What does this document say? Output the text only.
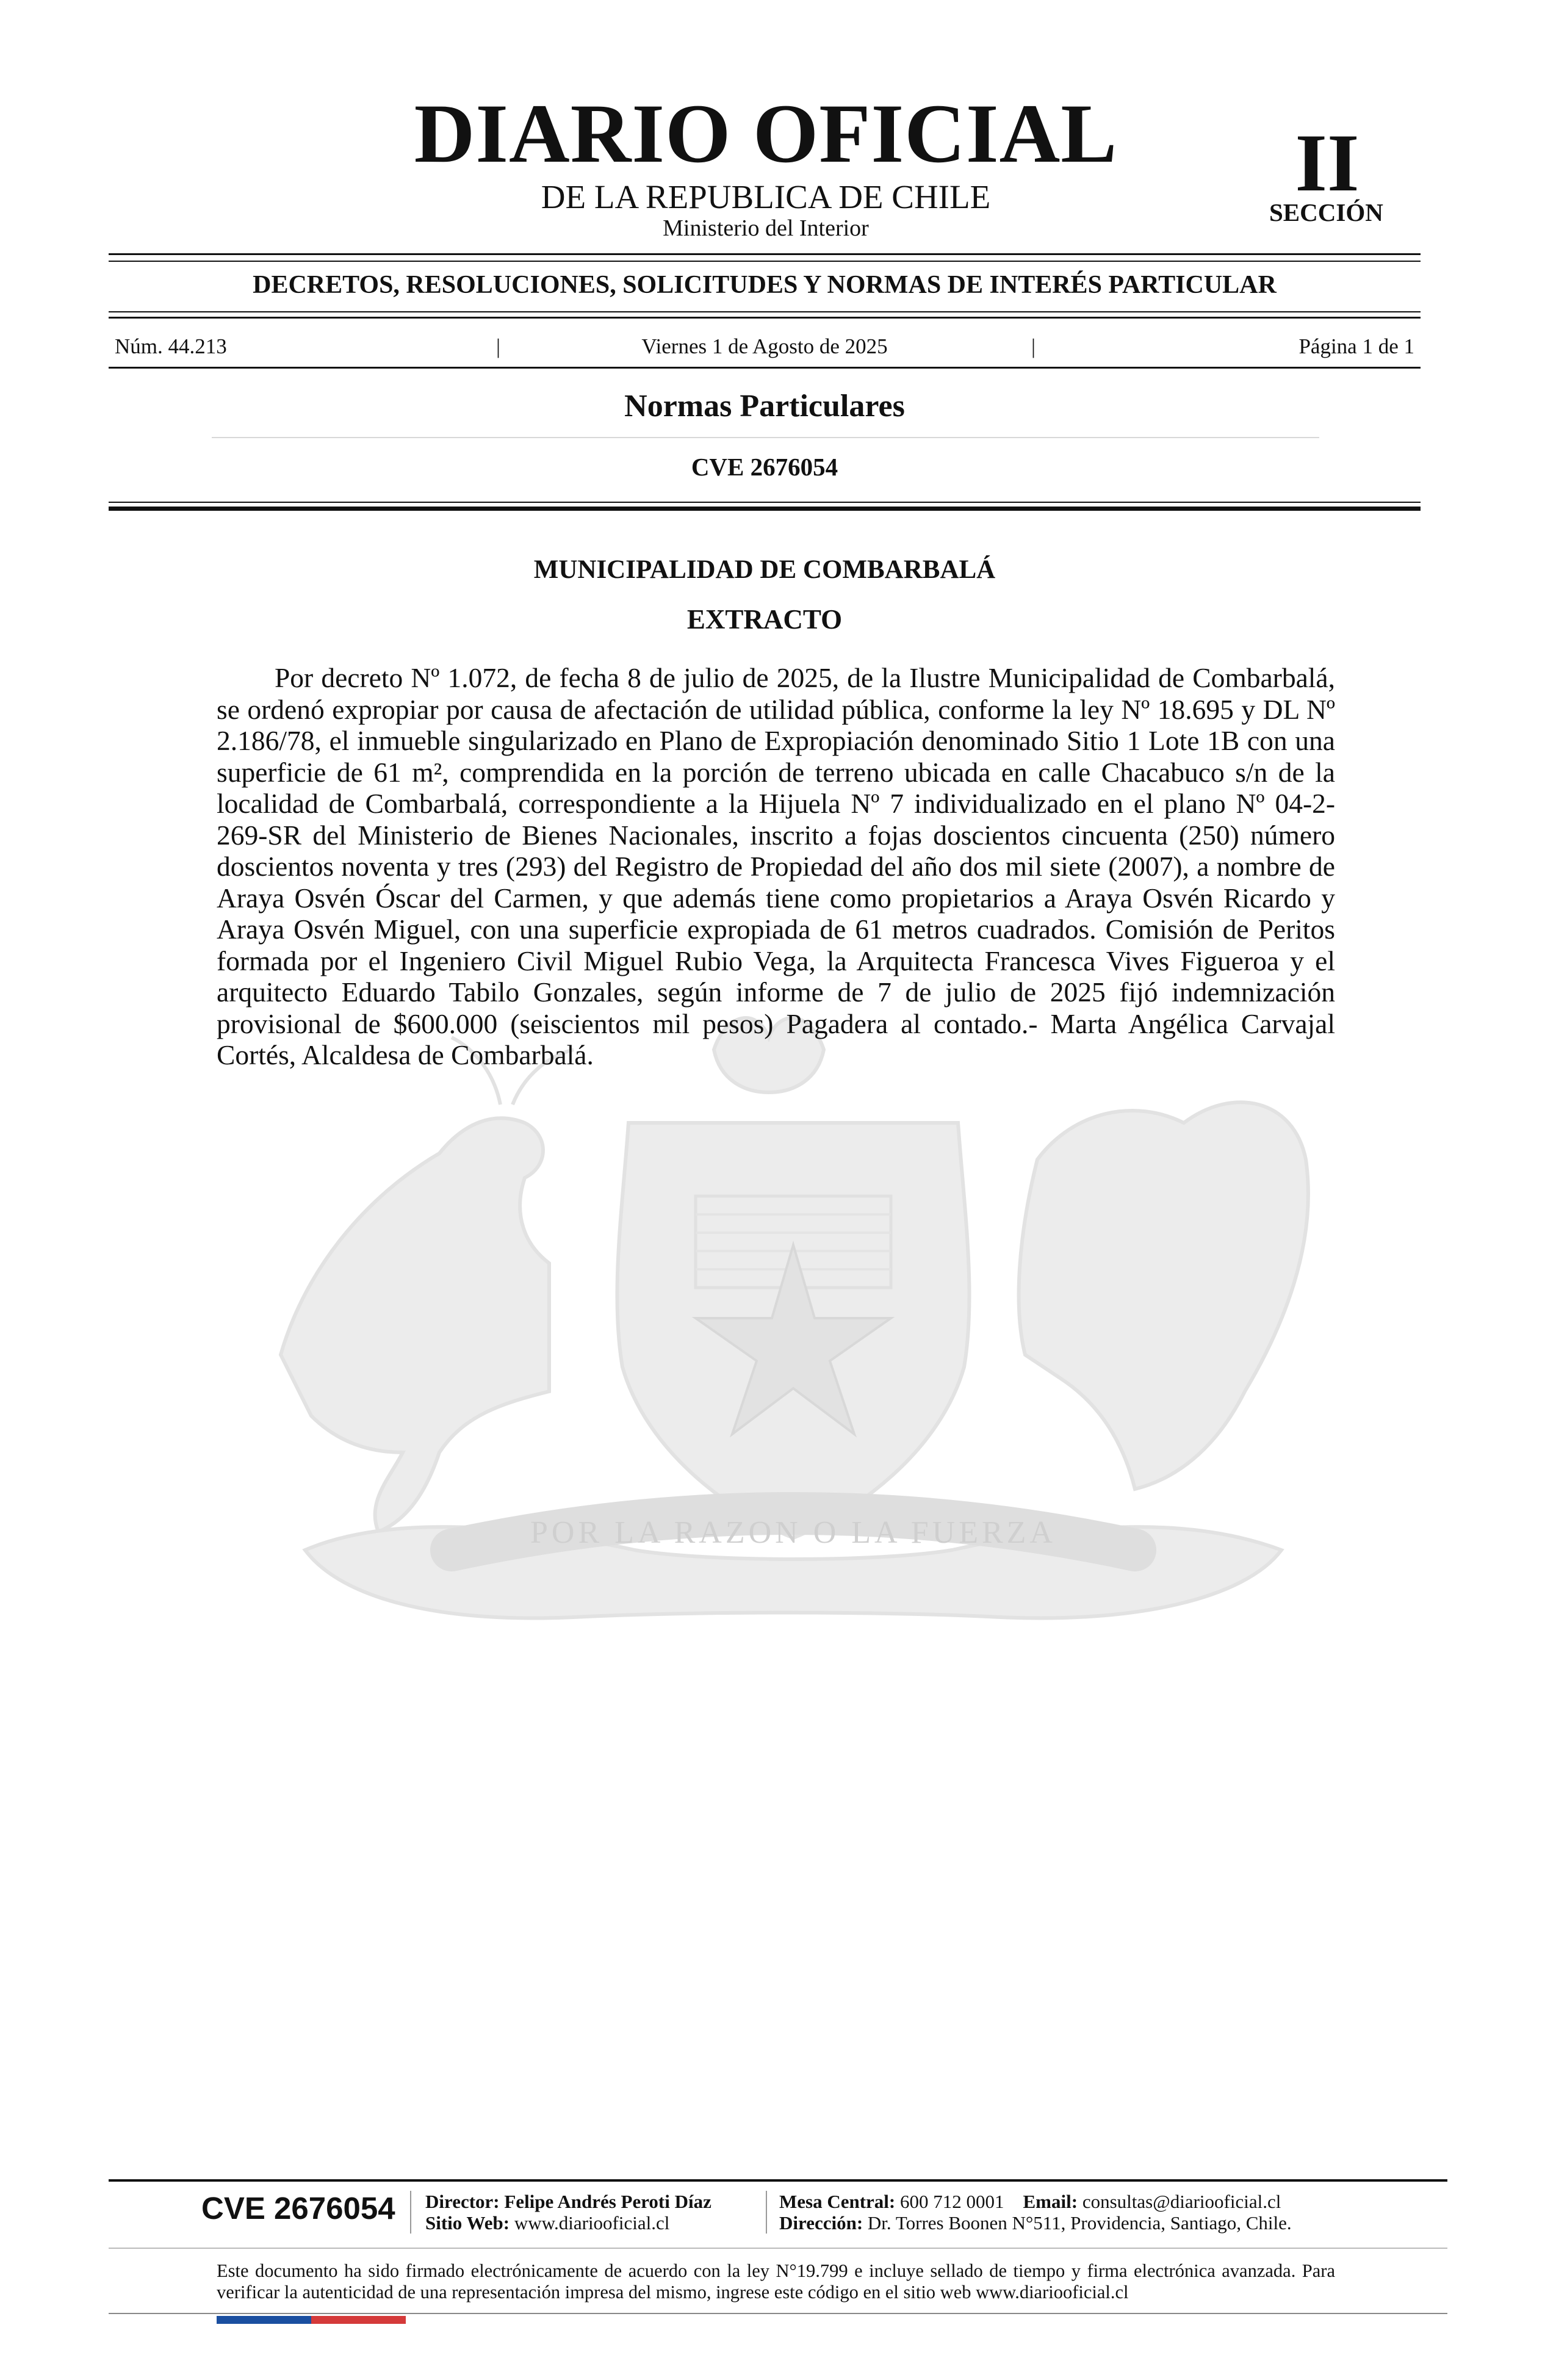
DIARIO OFICIAL
DE LA REPUBLICA DE CHILE
Ministerio del Interior
II
SECCIÓN
DECRETOS, RESOLUCIONES, SOLICITUDES Y NORMAS DE INTERÉS PARTICULAR
Viernes 1 de Agosto de 2025
Núm. 44.213	|	|	Página 1 de 1
Normas Particulares
CVE 2676054
POR LA RAZON O LA FUERZA
MUNICIPALIDAD DE COMBARBALÁ
EXTRACTO

Por decreto Nº 1.072, de fecha 8 de julio de 2025, de la Ilustre Municipalidad de Combarbalá, se ordenó expropiar por causa de afectación de utilidad pública, conforme la ley Nº 18.695 y DL Nº 2.186/78, el inmueble singularizado en Plano de Expropiación denominado Sitio 1 Lote 1B con una superficie de 61 m², comprendida en la porción de terreno ubicada en calle Chacabuco s/n de la localidad de Combarbalá, correspondiente a la Hijuela Nº 7 individualizado en el plano Nº 04-2-269-SR del Ministerio de Bienes Nacionales, inscrito a fojas doscientos cincuenta (250) número doscientos noventa y tres (293) del Registro de Propiedad del año dos mil siete (2007), a nombre de Araya Osvén Óscar del Carmen, y que además tiene como propietarios a Araya Osvén Ricardo y Araya Osvén Miguel, con una superficie expropiada de 61 metros cuadrados. Comisión de Peritos formada por el Ingeniero Civil Miguel Rubio Vega, la Arquitecta Francesca Vives Figueroa y el arquitecto Eduardo Tabilo Gonzales, según informe de 7 de julio de 2025 fijó indemnización provisional de $600.000 (seiscientos mil pesos) Pagadera al contado.- Marta Angélica Carvajal Cortés, Alcaldesa de Combarbalá.

CVE 2676054 Director: Felipe Andrés Peroti Díaz
Sitio Web: www.diariooficial.cl
Mesa Central: 600 712 0001 Email: consultas@diariooficial.cl
Dirección: Dr. Torres Boonen N°511, Providencia, Santiago, Chile.
Este documento ha sido firmado electrónicamente de acuerdo con la ley N°19.799 e incluye sellado de tiempo y firma electrónica avanzada. Para verificar la autenticidad de una representación impresa del mismo, ingrese este código en el sitio web www.diariooficial.cl
